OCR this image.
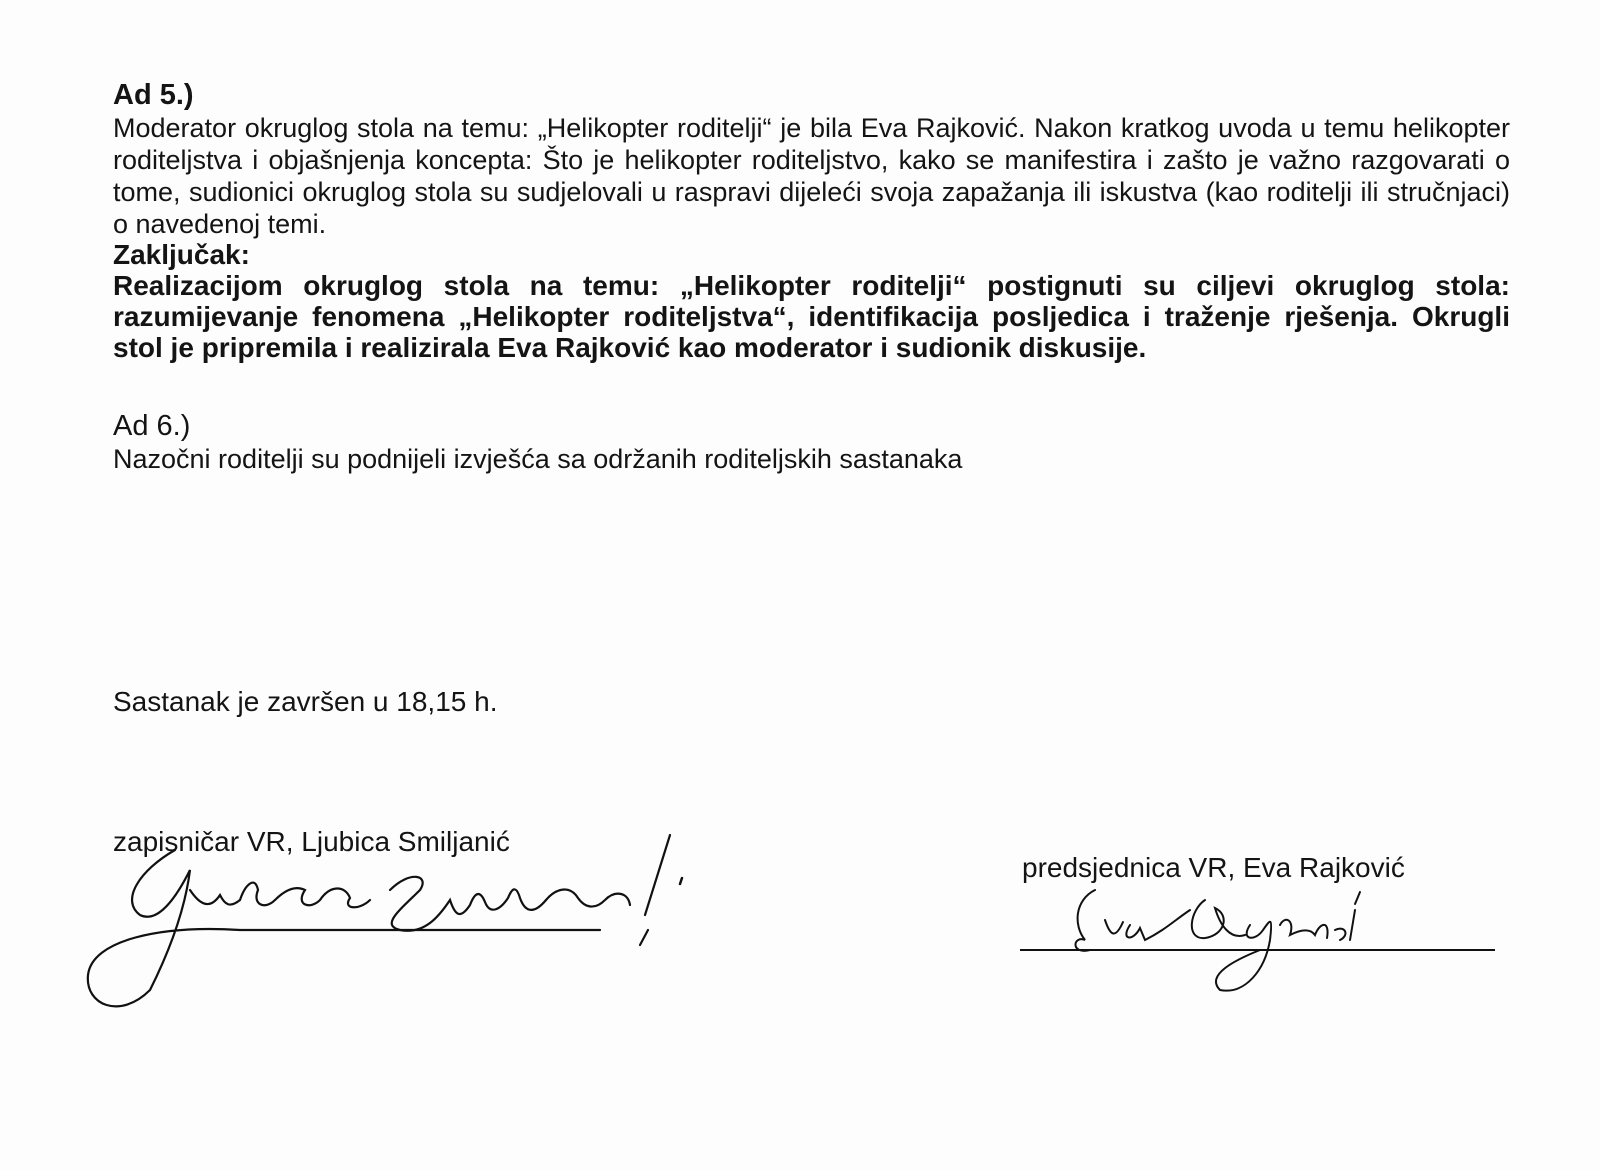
Ad 5.)
Moderator okruglog stola na temu: „Helikopter roditelji“ je bila Eva Rajković. Nakon kratkog uvoda u temu helikopter roditeljstva i objašnjenja koncepta: Što je helikopter roditeljstvo, kako se manifestira i zašto je važno razgovarati o tome, sudionici okruglog stola su sudjelovali u raspravi dijeleći svoja zapažanja ili iskustva (kao roditelji ili stručnjaci) o navedenoj temi.
Zaključak:
Realizacijom okruglog stola na temu: „Helikopter roditelji“ postignuti su ciljevi okruglog stola: razumijevanje fenomena „Helikopter roditeljstva“, identifikacija posljedica i traženje rješenja. Okrugli stol je pripremila i realizirala Eva Rajković kao moderator i sudionik diskusije.
Ad 6.)
Nazočni roditelji su podnijeli izvješća sa održanih roditeljskih sastanaka
Sastanak je završen u 18,15 h.
zapisničar VR, Ljubica Smiljanić
predsjednica VR, Eva Rajković
